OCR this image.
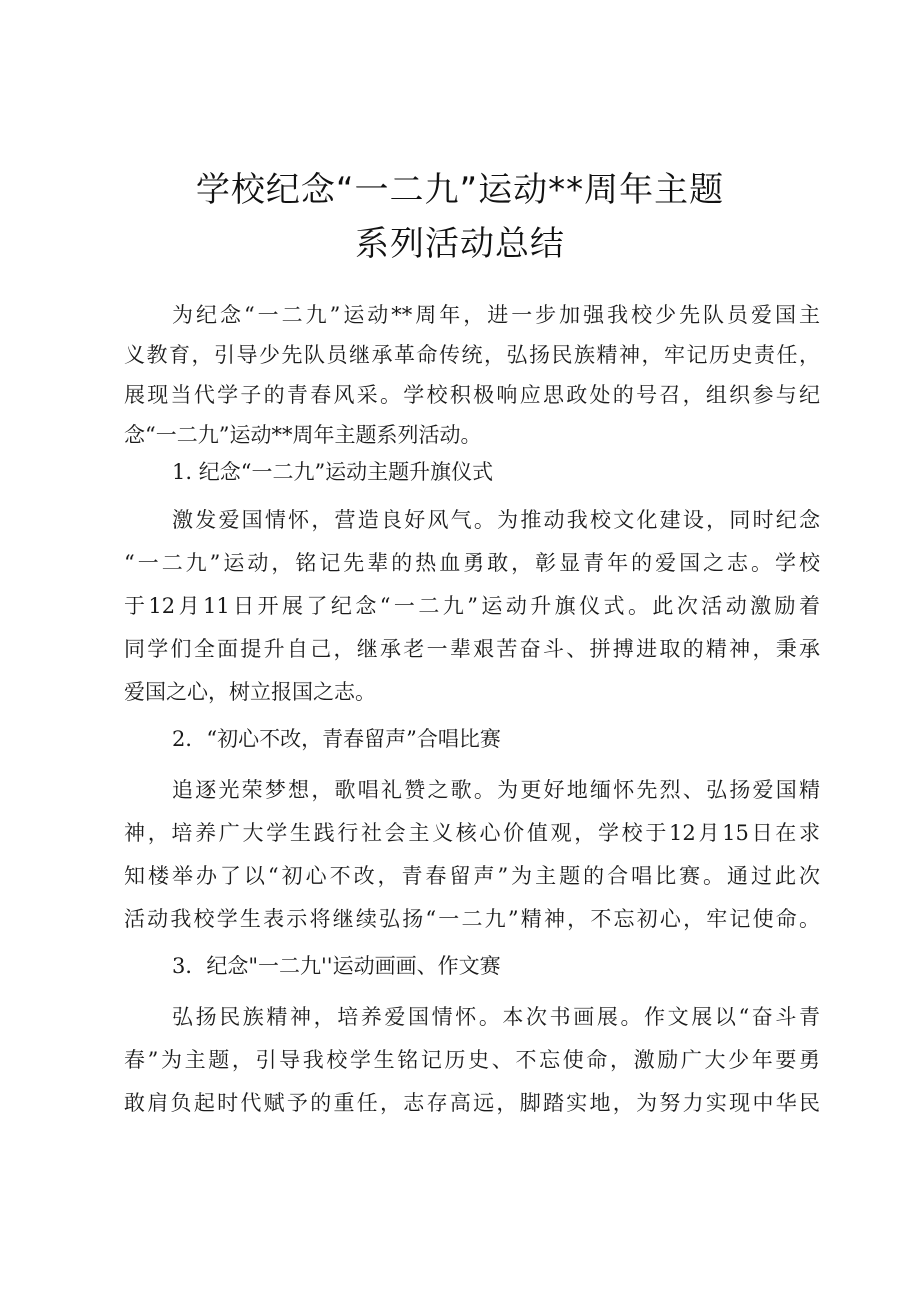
学校纪念“一二九”运动**周年主题
系列活动总结
为纪念“一二九”运动**周年，进一步加强我校少先队员爱国主
义教育，引导少先队员继承革命传统，弘扬民族精神，牢记历史责任，
展现当代学子的青春风采。学校积极响应思政处的号召，组织参与纪
念“一二九”运动**周年主题系列活动。
1. 纪念“一二九”运动主题升旗仪式
激发爱国情怀，营造良好风气。为推动我校文化建设，同时纪念
“一二九”运动，铭记先辈的热血勇敢，彰显青年的爱国之志。学校
于12月11日开展了纪念“一二九”运动升旗仪式。此次活动激励着
同学们全面提升自己，继承老一辈艰苦奋斗、拼搏进取的精神，秉承
爱国之心，树立报国之志。
2．“初心不改，青春留声”合唱比赛
追逐光荣梦想，歌唱礼赞之歌。为更好地缅怀先烈、弘扬爱国精
神，培养广大学生践行社会主义核心价值观，学校于12月15日在求
知楼举办了以“初心不改，青春留声”为主题的合唱比赛。通过此次
活动我校学生表示将继续弘扬“一二九”精神，不忘初心，牢记使命。
3．纪念"一二九''运动画画、作文赛
弘扬民族精神，培养爱国情怀。本次书画展。作文展以“奋斗青
春”为主题，引导我校学生铭记历史、不忘使命，激励广大少年要勇
敢肩负起时代赋予的重任，志存高远，脚踏实地，为努力实现中华民
